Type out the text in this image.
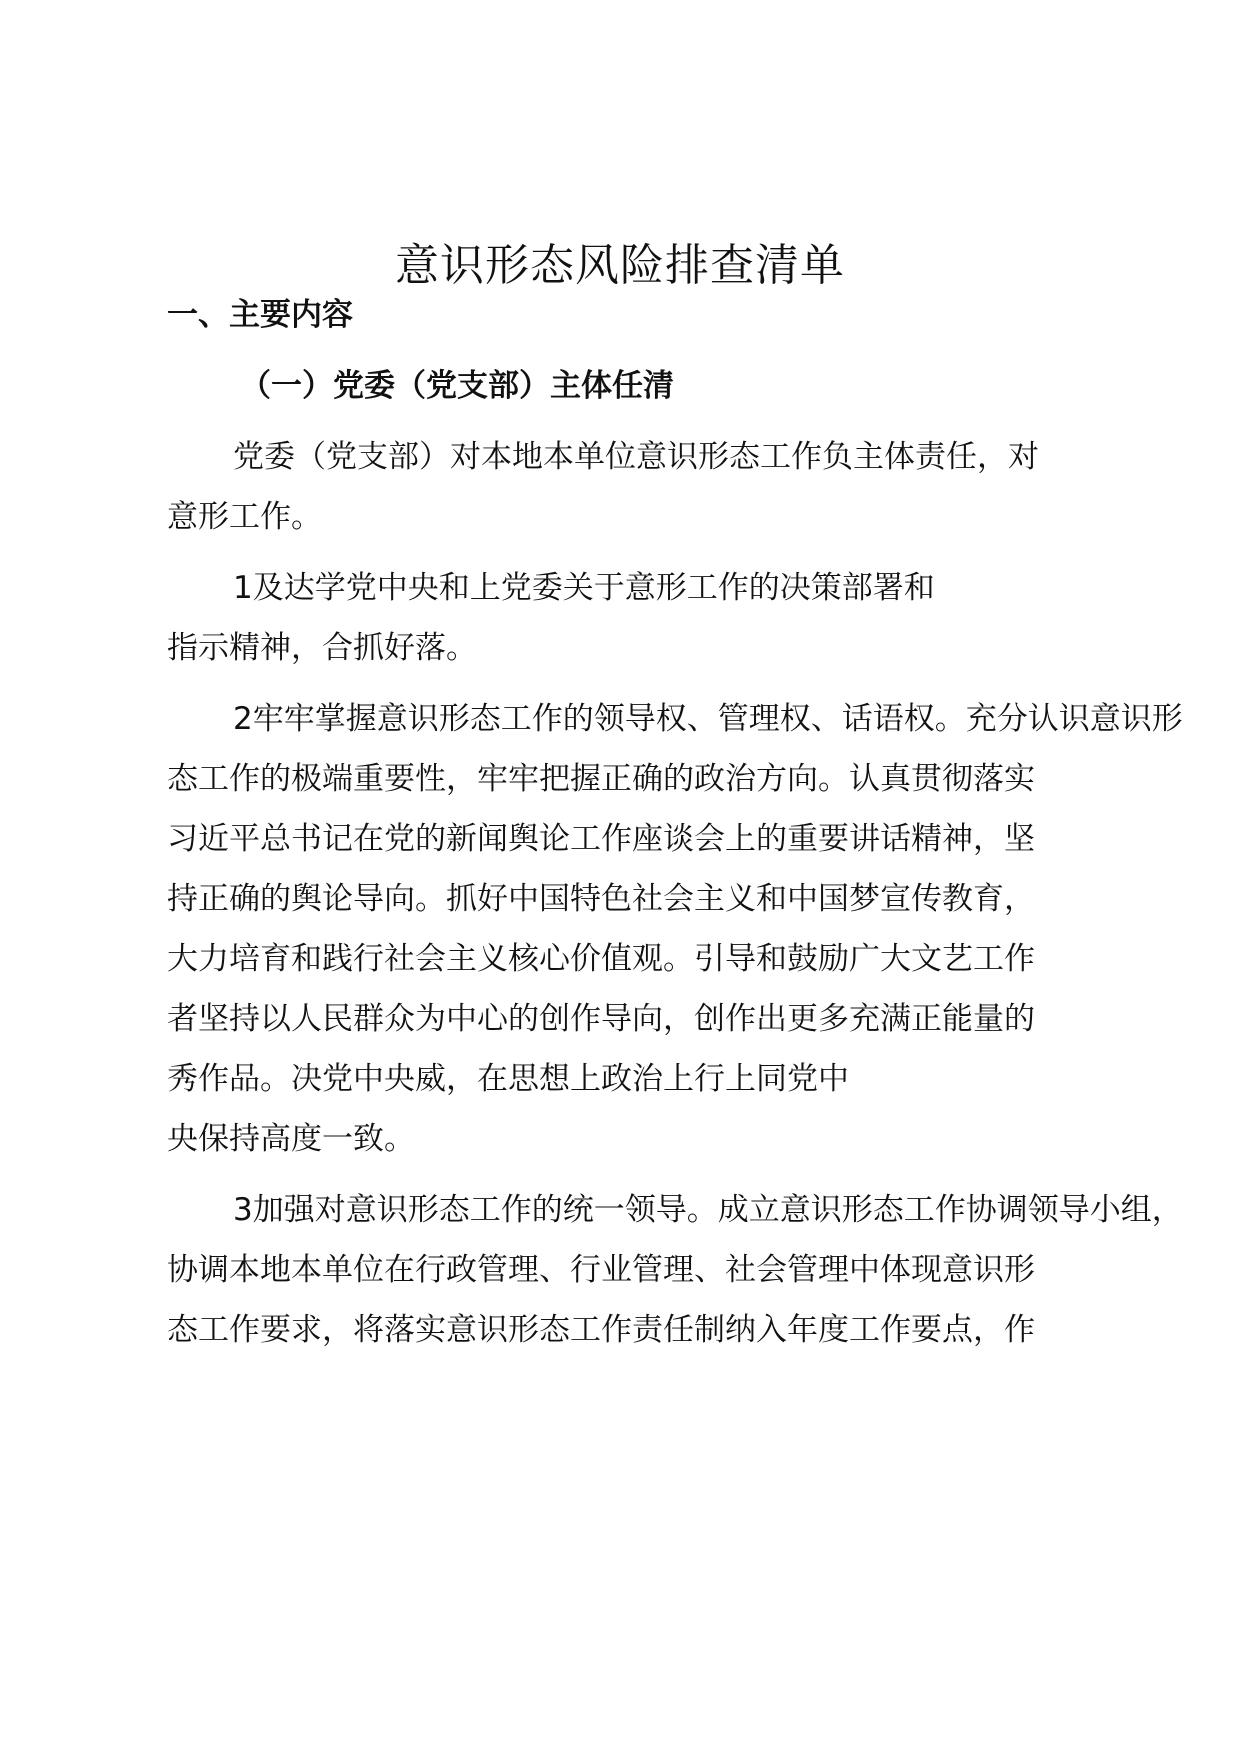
意识形态风险排查清单

一、主要内容

（一）党委（党支部）主体任清

党委（党支部）对本地本单位意识形态工作负主体责任，对

意形工作。

1及达学党中央和上党委关于意形工作的决策部署和

指示精神，合抓好落。

2牢牢掌握意识形态工作的领导权、管理权、话语权。充分认识意识形

态工作的极端重要性，牢牢把握正确的政治方向。认真贯彻落实

习近平总书记在党的新闻舆论工作座谈会上的重要讲话精神，坚

持正确的舆论导向。抓好中国特色社会主义和中国梦宣传教育，

大力培育和践行社会主义核心价值观。引导和鼓励广大文艺工作

者坚持以人民群众为中心的创作导向，创作出更多充满正能量的

秀作品。决党中央威，在思想上政治上行上同党中

央保持高度一致。

3加强对意识形态工作的统一领导。成立意识形态工作协调领导小组，

协调本地本单位在行政管理、行业管理、社会管理中体现意识形

态工作要求，将落实意识形态工作责任制纳入年度工作要点，作
